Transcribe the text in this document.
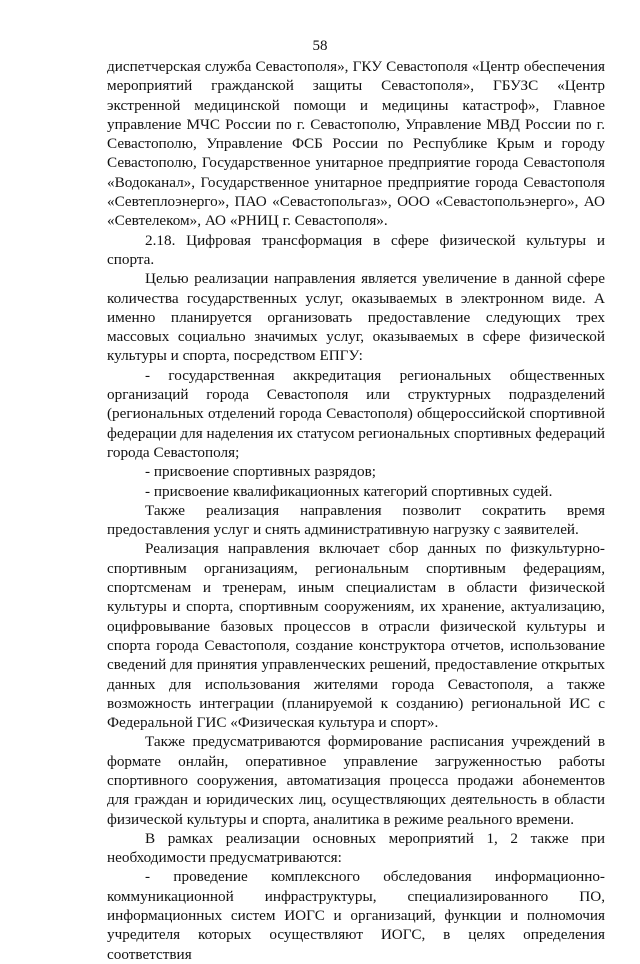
58

диспетчерская служба Севастополя», ГКУ Севастополя «Центр обеспечения мероприятий гражданской защиты Севастополя», ГБУЗС «Центр экстренной медицинской помощи и медицины катастроф», Главное управление МЧС России по г. Севастополю, Управление МВД России по г. Севастополю, Управление ФСБ России по Республике Крым и городу Севастополю, Государственное унитарное предприятие города Севастополя «Водоканал», Государственное унитарное предприятие города Севастополя «Севтеплоэнерго», ПАО «Севастопольгаз», ООО «Севастопольэнерго», АО «Севтелеком», АО «РНИЦ г. Севастополя».

2.18. Цифровая трансформация в сфере физической культуры и спорта.

Целью реализации направления является увеличение в данной сфере количества государственных услуг, оказываемых в электронном виде. А именно планируется организовать предоставление следующих трех массовых социально значимых услуг, оказываемых в сфере физической культуры и спорта, посредством ЕПГУ:

- государственная аккредитация региональных общественных организаций города Севастополя или структурных подразделений (региональных отделений города Севастополя) общероссийской спортивной федерации для наделения их статусом региональных спортивных федераций города Севастополя;

- присвоение спортивных разрядов;

- присвоение квалификационных категорий спортивных судей.

Также реализация направления позволит сократить время предоставления услуг и снять административную нагрузку с заявителей.

Реализация направления включает сбор данных по физкультурно-спортивным организациям, региональным спортивным федерациям, спортсменам и тренерам, иным специалистам в области физической культуры и спорта, спортивным сооружениям, их хранение, актуализацию, оцифровывание базовых процессов в отрасли физической культуры и спорта города Севастополя, создание конструктора отчетов, использование сведений для принятия управленческих решений, предоставление открытых данных для использования жителями города Севастополя, а также возможность интеграции (планируемой к созданию) региональной ИС с Федеральной ГИС «Физическая культура и спорт».

Также предусматриваются формирование расписания учреждений в формате онлайн, оперативное управление загруженностью работы спортивного сооружения, автоматизация процесса продажи абонементов для граждан и юридических лиц, осуществляющих деятельность в области физической культуры и спорта, аналитика в режиме реального времени.

В рамках реализации основных мероприятий 1, 2 также при необходимости предусматриваются:

- проведение комплексного обследования информационно-коммуникационной инфраструктуры, специализированного ПО, информационных систем ИОГС и организаций, функции и полномочия учредителя которых осуществляют ИОГС, в целях определения соответствия
